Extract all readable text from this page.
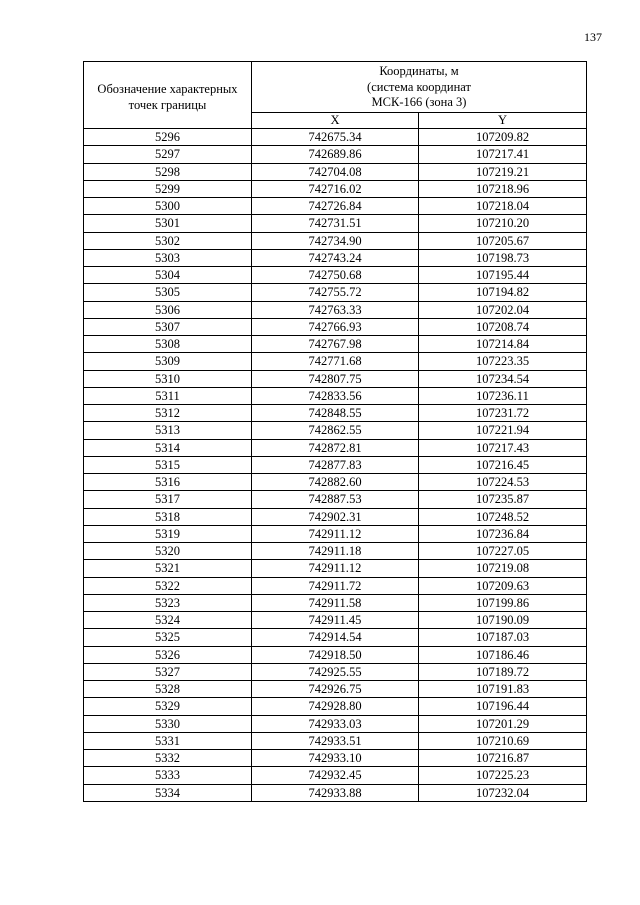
137
Обозначение характерных точек границы	Координаты, м
(система координат
МСК-166 (зона 3)	

	X	Y
5296	742675.34	107209.82
5297	742689.86	107217.41
5298	742704.08	107219.21
5299	742716.02	107218.96
5300	742726.84	107218.04
5301	742731.51	107210.20
5302	742734.90	107205.67
5303	742743.24	107198.73
5304	742750.68	107195.44
5305	742755.72	107194.82
5306	742763.33	107202.04
5307	742766.93	107208.74
5308	742767.98	107214.84
5309	742771.68	107223.35
5310	742807.75	107234.54
5311	742833.56	107236.11
5312	742848.55	107231.72
5313	742862.55	107221.94
5314	742872.81	107217.43
5315	742877.83	107216.45
5316	742882.60	107224.53
5317	742887.53	107235.87
5318	742902.31	107248.52
5319	742911.12	107236.84
5320	742911.18	107227.05
5321	742911.12	107219.08
5322	742911.72	107209.63
5323	742911.58	107199.86
5324	742911.45	107190.09
5325	742914.54	107187.03
5326	742918.50	107186.46
5327	742925.55	107189.72
5328	742926.75	107191.83
5329	742928.80	107196.44
5330	742933.03	107201.29
5331	742933.51	107210.69
5332	742933.10	107216.87
5333	742932.45	107225.23
5334	742933.88	107232.04
